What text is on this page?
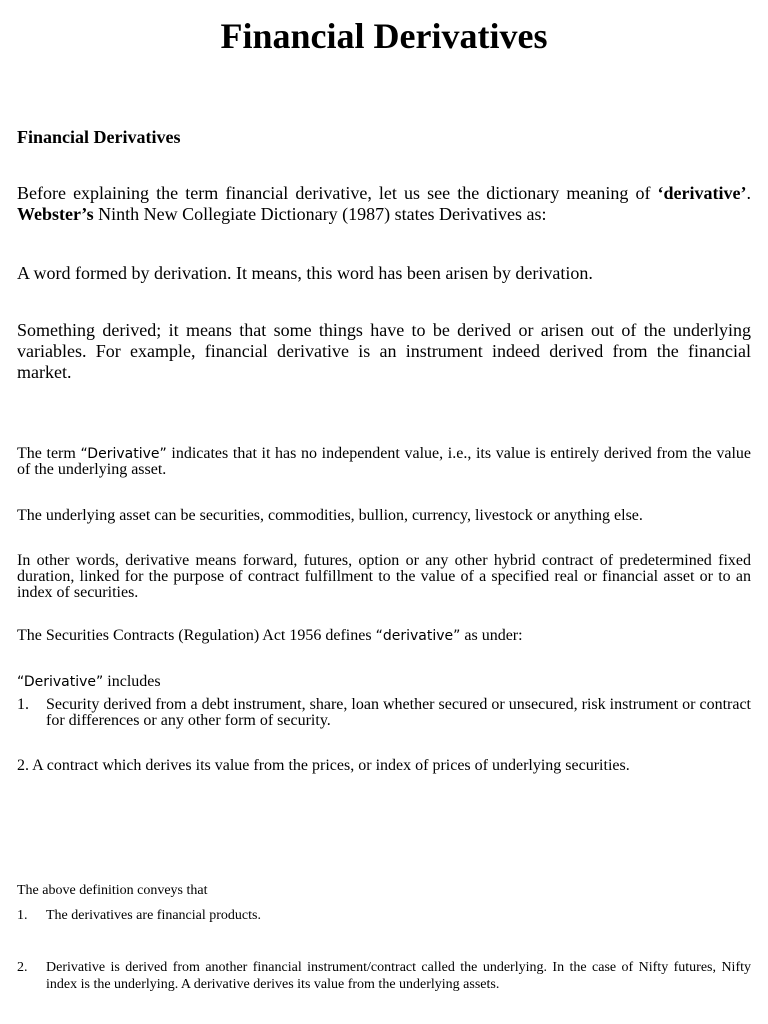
Financial Derivatives
Financial Derivatives
Before explaining the term financial derivative, let us see the dictionary meaning of ‘derivative’. Webster’s Ninth New Collegiate Dictionary (1987) states Derivatives as:
A word formed by derivation. It means, this word has been arisen by derivation.
Something derived; it means that some things have to be derived or arisen out of the underlying variables. For example, financial derivative is an instrument indeed derived from the financial market.
The term “Derivative” indicates that it has no independent value, i.e., its value is entirely derived from the value of the underlying asset.
The underlying asset can be securities, commodities, bullion, currency, livestock or anything else.
In other words, derivative means forward, futures, option or any other hybrid contract of predetermined fixed duration, linked for the purpose of contract fulfillment to the value of a specified real or financial asset or to an index of securities.
The Securities Contracts (Regulation) Act 1956 defines “derivative” as under:
“Derivative” includes
1.	Security derived from a debt instrument, share, loan whether secured or unsecured, risk instrument or contract for differences or any other form of security.
2. A contract which derives its value from the prices, or index of prices of underlying securities.
The above definition conveys that
1.	The derivatives are financial products.
2.	Derivative is derived from another financial instrument/contract called the underlying. In the case of Nifty futures, Nifty index is the underlying. A derivative derives its value from the underlying assets.
